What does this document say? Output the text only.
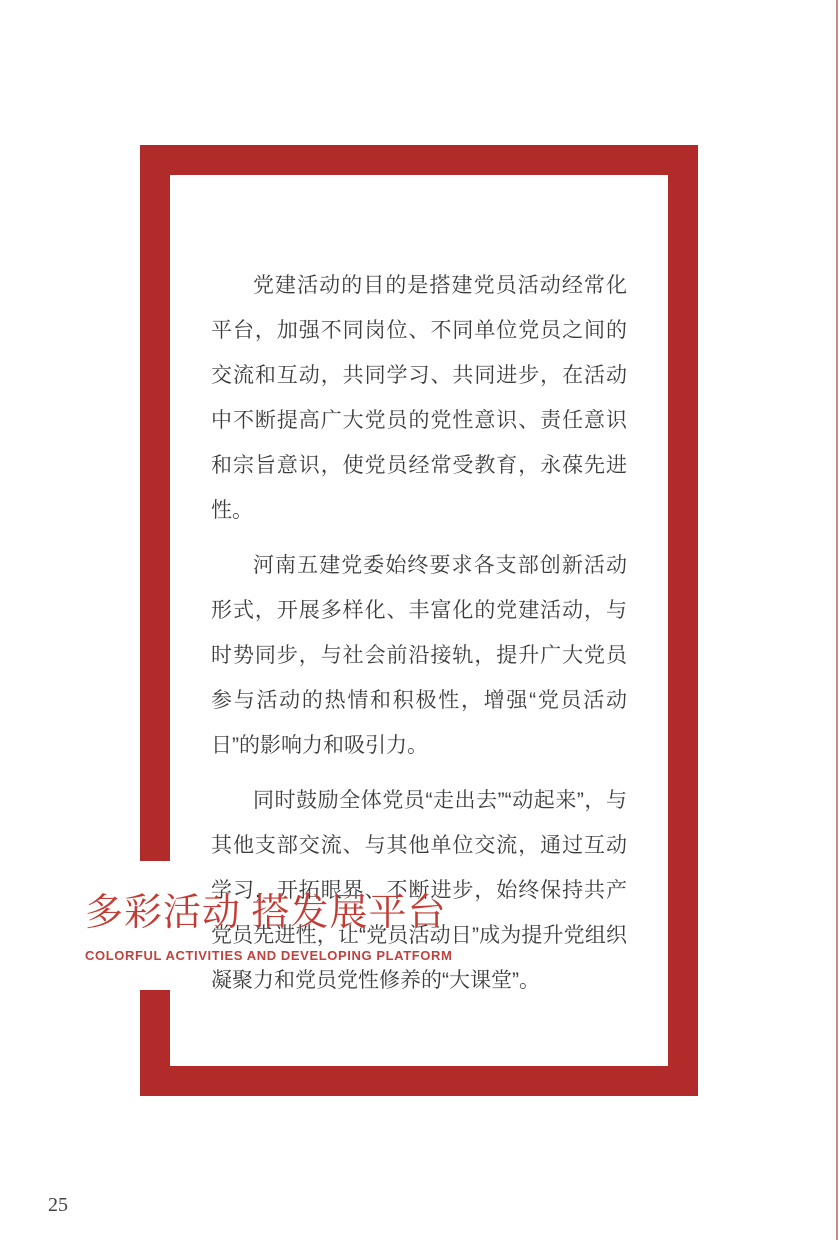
党建活动的目的是搭建党员活动经常化平台，加强不同岗位、不同单位党员之间的交流和互动，共同学习、共同进步，在活动中不断提高广大党员的党性意识、责任意识和宗旨意识，使党员经常受教育，永葆先进性。

河南五建党委始终要求各支部创新活动形式，开展多样化、丰富化的党建活动，与时势同步，与社会前沿接轨，提升广大党员参与活动的热情和积极性，增强“党员活动日”的影响力和吸引力。

同时鼓励全体党员“走出去”“动起来”，与其他支部交流、与其他单位交流，通过互动学习，开拓眼界、不断进步，始终保持共产党员先进性，让“党员活动日”成为提升党组织凝聚力和党员党性修养的“大课堂”。

多彩活动 搭发展平台
COLORFUL ACTIVITIES AND DEVELOPING PLATFORM
25
